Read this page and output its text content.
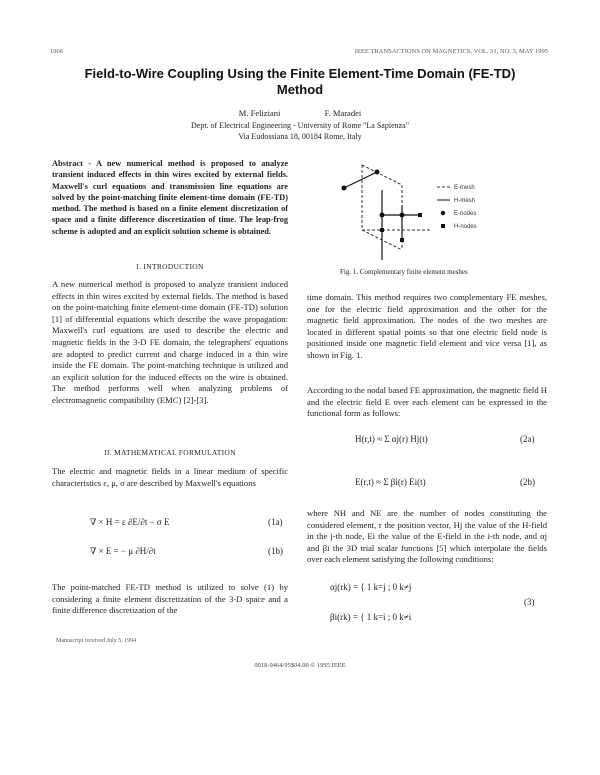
1966	IEEE TRANSACTIONS ON MAGNETICS, VOL. 31, NO. 3, MAY 1995
Field-to-Wire Coupling Using the Finite Element-Time Domain (FE-TD)
Method
M. Feliziani	F. Maradei
Dept. of Electrical Engineering - University of Rome "La Sapienza"
Via Eudossiana 18, 00184 Rome, Italy
Abstract - A new numerical method is proposed to analyze transient induced effects in thin wires excited by external fields. Maxwell's curl equations and transmission line equations are solved by the point-matching finite element-time domain (FE-TD) method. The method is based on a finite element discretization of space and a finite difference discretization of time. The leap-frog scheme is adopted and an explicit solution scheme is obtained.
I. INTRODUCTION
A new numerical method is proposed to analyze transient induced effects in thin wires excited by external fields. The method is based on the point-matching finite element-time domain (FE-TD) solution [1] of differential equations which describe the wave propagation: Maxwell's curl equations are used to describe the electric and magnetic fields in the 3-D FE domain, the telegraphers' equations are adopted to predict current and charge induced in a thin wire inside the FE domain. The point-matching technique is utilized and an explicit solution for the induced effects on the wire is obtained. The method performs well when analyzing problems of electromagnetic compatibility (EMC) [2]-[3].
II. MATHEMATICAL FORMULATION
The electric and magnetic fields in a linear medium of specific characteristics ε, μ, σ are described by Maxwell's equations
∇ × H = ε ∂E/∂t − σ E	(1a)
∇ × E = − μ ∂H/∂t	(1b)
The point-matched FE-TD method is utilized to solve (1) by considering a finite element discretization of the 3-D space and a finite difference discretization of the
Manuscript received July 5, 1994
E-mesh
H-mesh
E-nodes
H-nodes
Fig. 1. Complementary finite element meshes
time domain. This method requires two complementary FE meshes, one for the electric field approximation and the other for the magnetic field approximation. The nodes of the two meshes are located in different spatial points so that one electric field node is positioned inside one magnetic field element and vice versa [1], as shown in Fig. 1.
According to the nodal based FE approximation, the magnetic field H and the electric field E over each element can be expressed in the functional form as follows:
H(r,t) ≈ Σ αj(r) Hj(t)	(2a)
E(r,t) ≈ Σ βi(r) Ei(t)	(2b)
where NH and NE are the number of nodes constituting the considered element, r the position vector, Hj the value of the H-field in the j-th node, Ei the value of the E-field in the i-th node, and αj and βi the 3D trial scalar functions [5] which interpolate the fields over each element satisfying the following conditions:
αj(rk) = { 1 k=j ; 0 k≠j
βi(rk) = { 1 k=i ; 0 k≠i
(3)
0018-9464/95$04.00 © 1995 IEEE
